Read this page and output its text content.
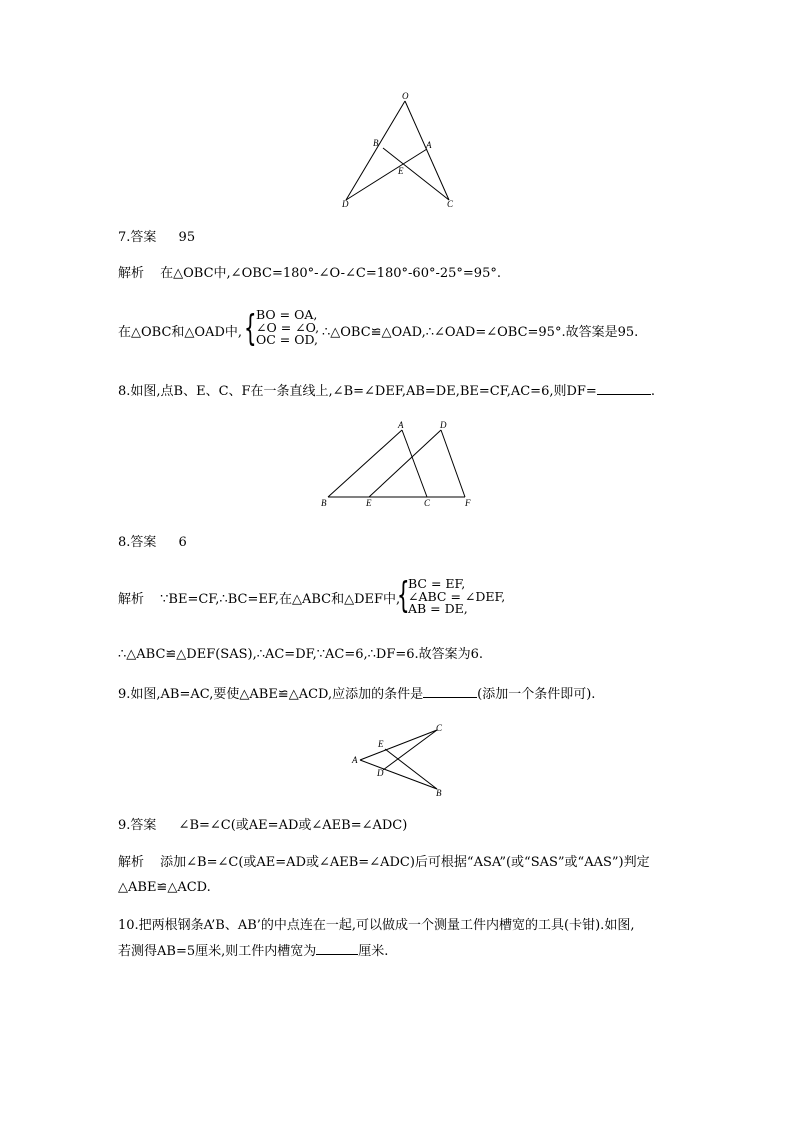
O
B	A
E
D	C
7.答案 95
解析 在△OBC中,∠OBC=180°-∠O-∠C=180°-60°-25°=95°.
在△OBC和△OAD中, { BO = OA,
∠O = ∠O,
OC = OD, ∴△OBC≌△OAD,∴∠OAD=∠OBC=95°.故答案是95.
8.如图,点B、E、C、F在一条直线上,∠B=∠DEF,AB=DE,BE=CF,AC=6,则DF=	.
A	D
B	E	C	F
8.答案 6
解析 ∵BE=CF,∴BC=EF,在△ABC和△DEF中,
{
BC = EF,
∠ABC = ∠DEF,
AB = DE,
∴△ABC≌△DEF(SAS),∴AC=DF,∵AC=6,∴DF=6.故答案为6.
9.如图,AB=AC,要使△ABE≌△ACD,应添加的条件是	(添加一个条件即可).
A
E
C
D
B
9.答案 ∠B=∠C(或AE=AD或∠AEB=∠ADC)
解析 添加∠B=∠C(或AE=AD或∠AEB=∠ADC)后可根据“ASA”(或“SAS”或“AAS”)判定
△ABE≌△ACD.
10.把两根钢条A’B、AB’的中点连在一起,可以做成一个测量工件内槽宽的工具(卡钳).如图,
若测得AB=5厘米,则工件内槽宽为	厘米.
